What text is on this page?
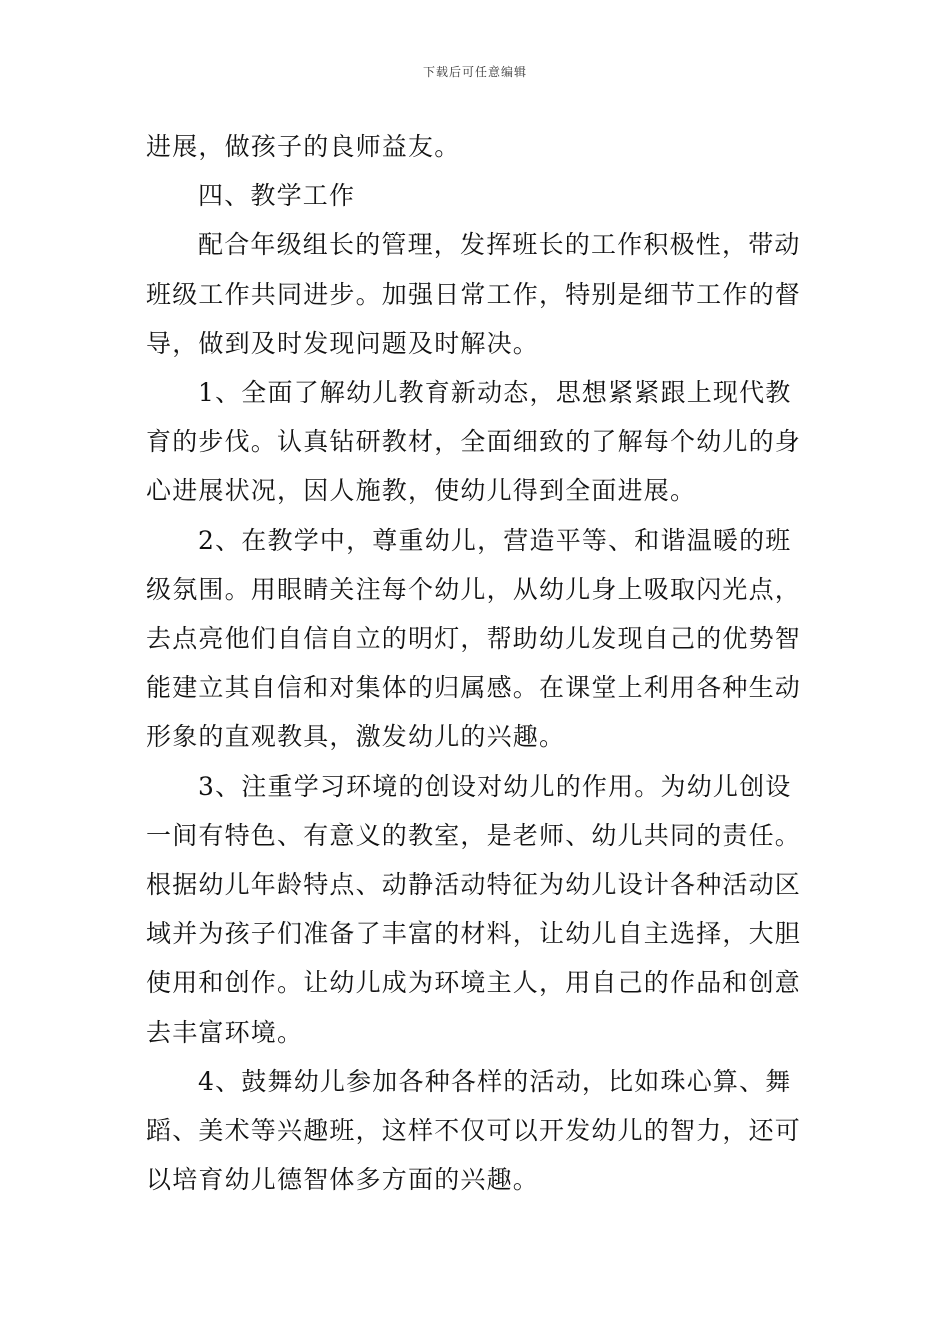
下载后可任意编辑

进展，做孩子的良师益友。

四、教学工作

配合年级组长的管理，发挥班长的工作积极性，带动班级工作共同进步。加强日常工作，特别是细节工作的督导，做到及时发现问题及时解决。

1、全面了解幼儿教育新动态，思想紧紧跟上现代教育的步伐。认真钻研教材，全面细致的了解每个幼儿的身心进展状况，因人施教，使幼儿得到全面进展。

2、在教学中，尊重幼儿，营造平等、和谐温暖的班级氛围。用眼睛关注每个幼儿，从幼儿身上吸取闪光点，去点亮他们自信自立的明灯，帮助幼儿发现自己的优势智能建立其自信和对集体的归属感。在课堂上利用各种生动形象的直观教具，激发幼儿的兴趣。

3、注重学习环境的创设对幼儿的作用。为幼儿创设一间有特色、有意义的教室，是老师、幼儿共同的责任。根据幼儿年龄特点、动静活动特征为幼儿设计各种活动区域并为孩子们准备了丰富的材料，让幼儿自主选择，大胆使用和创作。让幼儿成为环境主人，用自己的作品和创意去丰富环境。

4、鼓舞幼儿参加各种各样的活动，比如珠心算、舞蹈、美术等兴趣班，这样不仅可以开发幼儿的智力，还可以培育幼儿德智体多方面的兴趣。
